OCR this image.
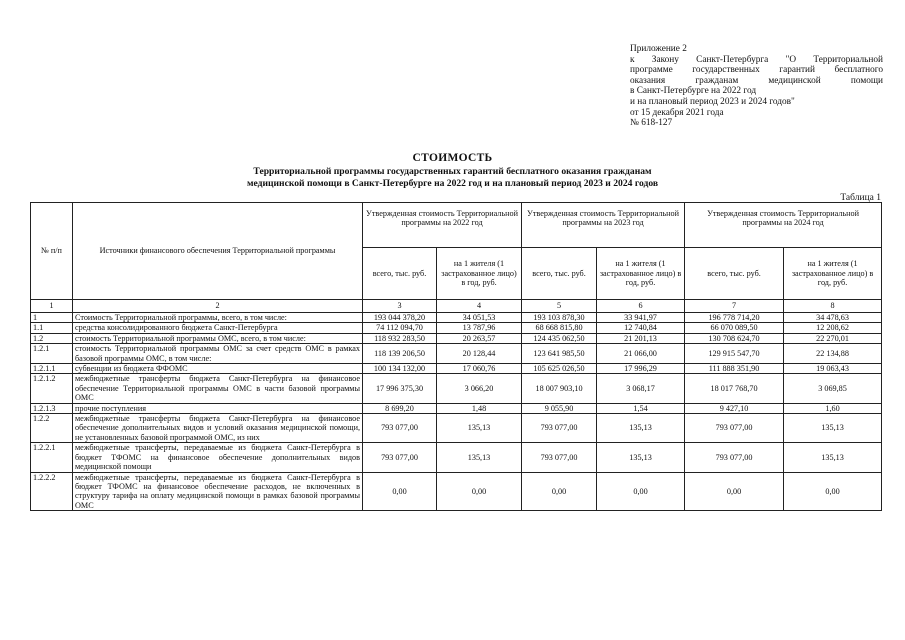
Приложение 2
к Закону Санкт-Петербурга "О Территориальной
программе государственных гарантий бесплатного
оказания гражданам медицинской помощи
в Санкт-Петербурге на 2022 год
и на плановый период 2023 и 2024 годов"
от 15 декабря 2021 года
№ 618-127
СТОИМОСТЬ
Территориальной программы государственных гарантий бесплатного оказания гражданам
медицинской помощи в Санкт-Петербурге на 2022 год и на плановый период 2023 и 2024 годов
Таблица 1
№ п/п	Источники финансового обеспечения Территориальной программы	Утвержденная стоимость Территориальной программы на 2022 год		Утвержденная стоимость Территориальной программы на 2023 год		Утвержденная стоимость Территориальной программы на 2024 год	
		всего, тыс. руб.	на 1 жителя (1 застрахованное лицо) в год, руб.	всего, тыс. руб.	на 1 жителя (1 застрахованное лицо) в год, руб.	всего, тыс. руб.	на 1 жителя (1 застрахованное лицо) в год, руб.
1	2	3	4	5	6	7	8
1	Стоимость Территориальной программы, всего, в том числе:	193 044 378,20	34 051,53	193 103 878,30	33 941,97	196 778 714,20	34 478,63
1.1	средства консолидированного бюджета Санкт-Петербурга	74 112 094,70	13 787,96	68 668 815,80	12 740,84	66 070 089,50	12 208,62
1.2	стоимость Территориальной программы ОМС, всего, в том числе:	118 932 283,50	20 263,57	124 435 062,50	21 201,13	130 708 624,70	22 270,01
1.2.1	стоимость Территориальной программы ОМС за счет средств ОМС в рамках базовой программы ОМС, в том числе:	118 139 206,50	20 128,44	123 641 985,50	21 066,00	129 915 547,70	22 134,88
1.2.1.1	субвенции из бюджета ФФОМС	100 134 132,00	17 060,76	105 625 026,50	17 996,29	111 888 351,90	19 063,43
1.2.1.2	межбюджетные трансферты бюджета Санкт-Петербурга на финансовое обеспечение Территориальной программы ОМС в части базовой программы ОМС	17 996 375,30	3 066,20	18 007 903,10	3 068,17	18 017 768,70	3 069,85
1.2.1.3	прочие поступления	8 699,20	1,48	9 055,90	1,54	9 427,10	1,60
1.2.2	межбюджетные трансферты бюджета Санкт-Петербурга на финансовое обеспечение дополнительных видов и условий оказания медицинской помощи, не установленных базовой программой ОМС, из них	793 077,00	135,13	793 077,00	135,13	793 077,00	135,13
1.2.2.1	межбюджетные трансферты, передаваемые из бюджета Санкт-Петербурга в бюджет ТФОМС на финансовое обеспечение дополнительных видов медицинской помощи	793 077,00	135,13	793 077,00	135,13	793 077,00	135,13
1.2.2.2	межбюджетные трансферты, передаваемые из бюджета Санкт-Петербурга в бюджет ТФОМС на финансовое обеспечение расходов, не включенных в структуру тарифа на оплату медицинской помощи в рамках базовой программы ОМС	0,00	0,00	0,00	0,00	0,00	0,00
